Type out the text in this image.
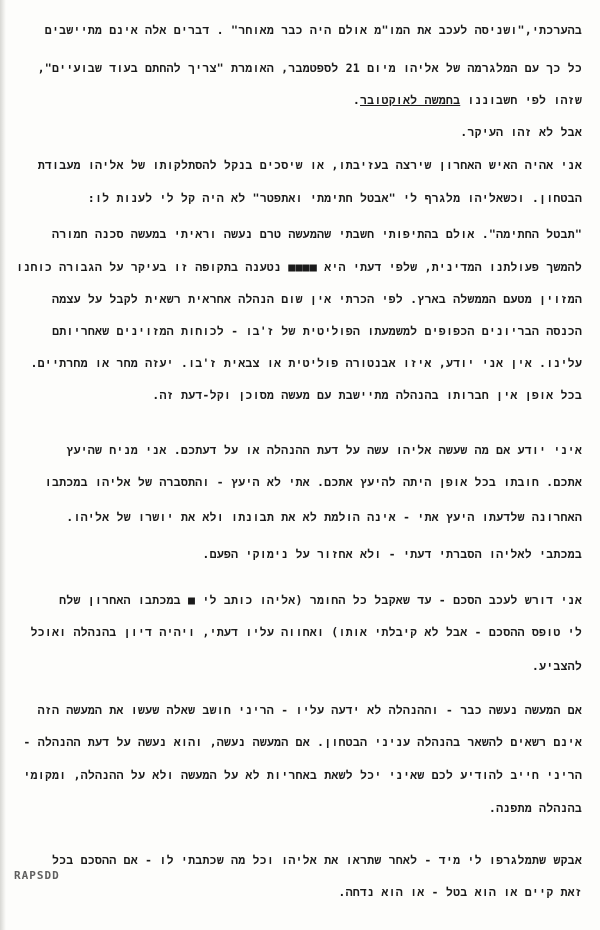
בהערכתי,"ושניסה לעכב את המו"מ אולם היה כבר מאוחר" . דברים אלה אינם מתיישבים
כל כך עם המלגרמה של אליהו מיום 21 לספטמבר, האומרת "צריך להחתם בעוד שבועיים",
שזהו לפי חשבוננו בחמשה לאוקטובר.
אבל לא זהו העיקר.
אני אהיה האיש האחרון שירצה בעזיבתו, או שיסכים בנקל להסתלקותו של אליהו מעבודת
הבטחון. וכשאליהו מלגרף לי "אבטל חתימתי ואתפטר" לא היה קל לי לענות לו:
"תבטל החתימה". אולם בהתיפותי חשבתי שהמעשה טרם נעשה וראיתי במעשה סכנה חמורה
להמשך פעולתנו המדינית, שלפי דעתי היא ■■■■ נטענה בתקופה זו בעיקר על הגבורה כוחנו
המזוין מטעם הממשלה בארץ. לפי הכרתי אין שום הנהלה אחראית רשאית לקבל על עצמה
הכנסה הבריונים הכפופים למשמעתו הפוליטית של ז'בו - לכוחות המזוינים שאחריותם
עלינו. אין אני יודע, איזו אבנטורה פוליטית או צבאית ז'בו. יעזה מחר או מחרתיים.
בכל אופן אין חברותו בהנהלה מתיישבת עם מעשה מסוכן וקל-דעת זה.
איני יודע אם מה שעשה אליהו עשה על דעת ההנהלה או על דעתכם. אני מניח שהיעץ
אתכם. חובתו בכל אופן היתה להיעץ אתכם. אתי לא היעץ - והתסברה של אליהו במכתבו
האחרונה שלדעתו היעץ אתי - אינה הולמת לא את תבונתו ולא את יושרו של אליהו.
במכתבי לאליהו הסברתי דעתי - ולא אחזור על נימוקי הפעם.
אני דורש לעכב הסכם - עד שאקבל כל החומר (אליהו כותב לי ■ במכתבו האחרון שלח
לי טופס ההסכם - אבל לא קיבלתי אותו) ואחווה עליו דעתי, ויהיה דיון בהנהלה ואוכל
להצביע.
אם המעשה נעשה כבר - וההנהלה לא ידעה עליו - הריני חושב שאלה שעשו את המעשה הזה
אינם רשאים להשאר בהנהלה עניני הבטחון. אם המעשה נעשה, והוא נעשה על דעת ההנהלה -
הריני חייב להודיע לכם שאיני יכל לשאת באחריות לא על המעשה ולא על ההנהלה, ומקומי
בהנהלה מתפנה.
אבקש שתמלגרפו לי מיד - לאחר שתראו את אליהו וכל מה שכתבתי לו - אם ההסכם בכל
זאת קיים או הוא בטל - או הוא נדחה.
RAPSDD
